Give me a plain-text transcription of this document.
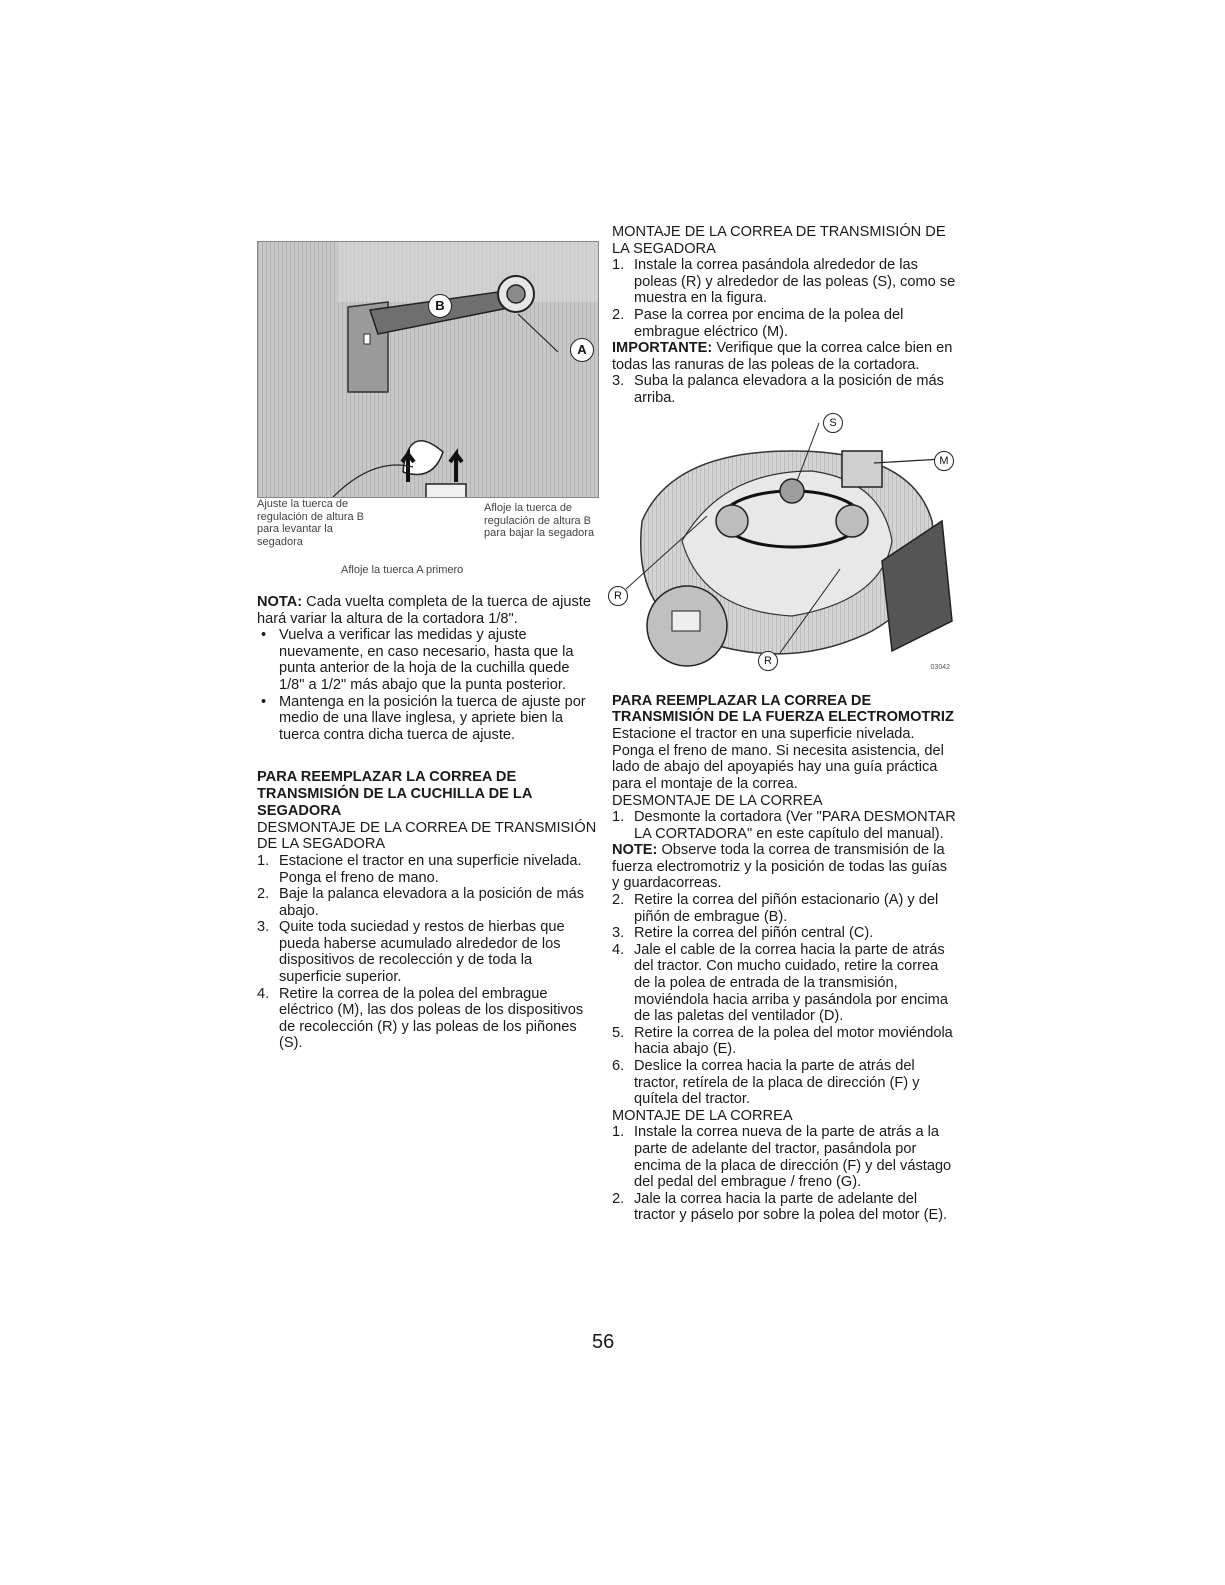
B
A
Ajuste la tuerca de regulación de altura B para levantar la segadora
Afloje la tuerca de regulación de altura B para bajar la segadora
Afloje la tuerca A primero

NOTA: Cada vuelta completa de la tuerca de ajuste hará variar la altura de la cortadora 1/8".

• Vuelva a verificar las medidas y ajuste nuevamente, en caso necesario, hasta que la punta anterior de la hoja de la cuchilla quede 1/8" a 1/2" más abajo que la punta posterior.
• Mantenga en la posición la tuerca de ajuste por medio de una llave inglesa, y apriete bien la tuerca contra dicha tuerca de ajuste.

PARA REEMPLAZAR LA CORREA DE TRANSMISIÓN DE LA CUCHILLA DE LA SEGADORA

DESMONTAJE DE LA CORREA DE TRANSMISIÓN DE LA SEGADORA

1. Estacione el tractor en una superficie nivelada. Ponga el freno de mano.
2. Baje la palanca elevadora a la posición de más abajo.
3. Quite toda suciedad y restos de hierbas que pueda haberse acumulado alrededor de los dispositivos de recolección y de toda la superficie superior.
4. Retire la correa de la polea del embrague eléctrico (M), las dos poleas de los dispositivos de recolección (R) y las poleas de los piñones (S).

MONTAJE DE LA CORREA DE TRANSMISIÓN DE LA SEGADORA

1. Instale la correa pasándola alrededor de las poleas (R) y alrededor de las poleas (S), como se muestra en la figura.
2. Pase la correa por encima de la polea del embrague eléctrico (M).

IMPORTANTE: Verifique que la correa calce bien en todas las ranuras de las poleas de la cortadora.

3. Suba la palanca elevadora a la posición de más arriba.
S
M
R
R
03042

PARA REEMPLAZAR LA CORREA DE TRANSMISIÓN DE LA FUERZA ELECTROMOTRIZ

Estacione el tractor en una superficie nivelada. Ponga el freno de mano. Si necesita asistencia, del lado de abajo del apoyapiés hay una guía práctica para el montaje de la correa.

DESMONTAJE DE LA CORREA

1. Desmonte la cortadora (Ver "PARA DESMONTAR LA CORTADORA" en este capítulo del manual).

NOTE: Observe toda la correa de transmisión de la fuerza electromotriz y la posición de todas las guías y guardacorreas.

2. Retire la correa del piñón estacionario (A) y del piñón de embrague (B).
3. Retire la correa del piñón central (C).
4. Jale el cable de la correa hacia la parte de atrás del tractor. Con mucho cuidado, retire la correa de la polea de entrada de la transmisión, moviéndola hacia arriba y pasándola por encima de las paletas del ventilador (D).
5. Retire la correa de la polea del motor moviéndola hacia abajo (E).
6. Deslice la correa hacia la parte de atrás del tractor, retírela de la placa de dirección (F) y quítela del tractor.

MONTAJE DE LA CORREA

1. Instale la correa nueva de la parte de atrás a la parte de adelante del tractor, pasándola por encima de la placa de dirección (F) y del vástago del pedal del embrague / freno (G).
2. Jale la correa hacia la parte de adelante del tractor y páselo por sobre la polea del motor (E).
56
